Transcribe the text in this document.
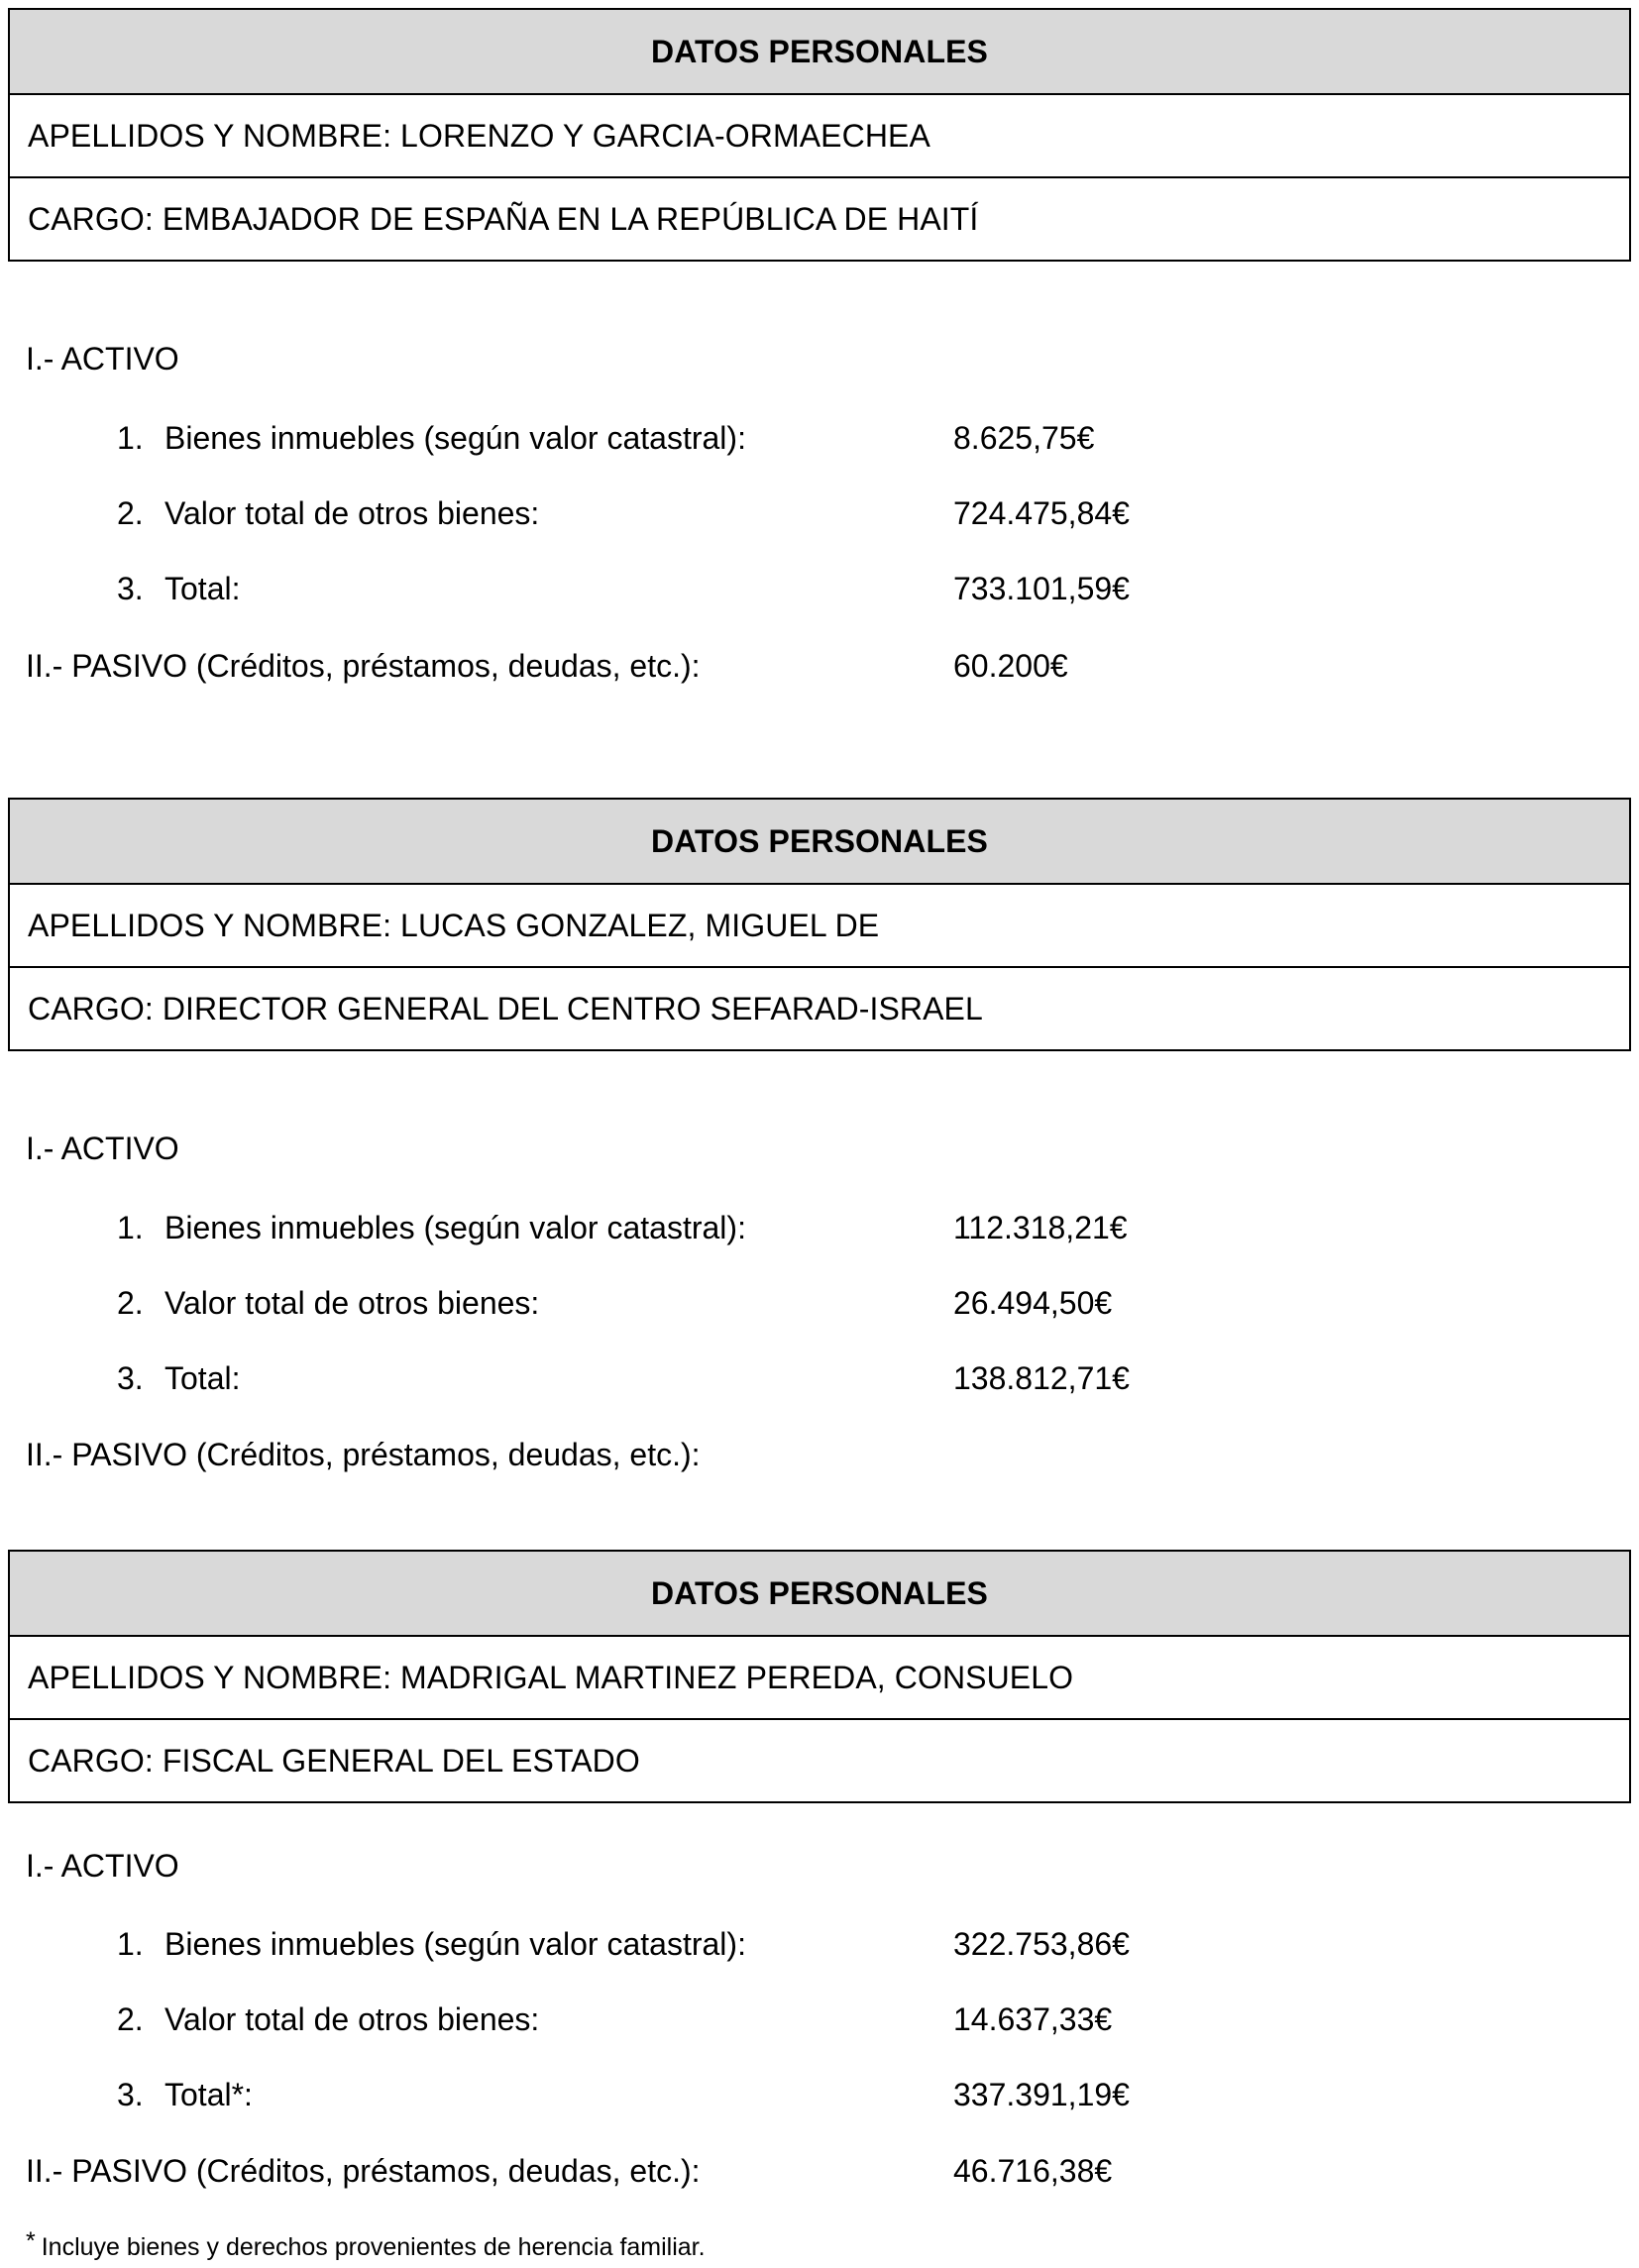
DATOS PERSONALES
APELLIDOS Y NOMBRE: LORENZO Y GARCIA-ORMAECHEA
CARGO: EMBAJADOR DE ESPAÑA EN LA REPÚBLICA DE HAITÍ
I.- ACTIVO
1. Bienes inmuebles (según valor catastral):	8.625,75€
2. Valor total de otros bienes:	724.475,84€
3. Total:	733.101,59€
II.- PASIVO (Créditos, préstamos, deudas, etc.):	60.200€
DATOS PERSONALES
APELLIDOS Y NOMBRE: LUCAS GONZALEZ, MIGUEL DE
CARGO: DIRECTOR GENERAL DEL CENTRO SEFARAD-ISRAEL
I.- ACTIVO
1. Bienes inmuebles (según valor catastral):	112.318,21€
2. Valor total de otros bienes:	26.494,50€
3. Total:	138.812,71€
II.- PASIVO (Créditos, préstamos, deudas, etc.):
DATOS PERSONALES
APELLIDOS Y NOMBRE: MADRIGAL MARTINEZ PEREDA, CONSUELO
CARGO: FISCAL GENERAL DEL ESTADO
I.- ACTIVO
1. Bienes inmuebles (según valor catastral):	322.753,86€
2. Valor total de otros bienes:	14.637,33€
3. Total*:	337.391,19€
II.- PASIVO (Créditos, préstamos, deudas, etc.):	46.716,38€
* Incluye bienes y derechos provenientes de herencia familiar.
